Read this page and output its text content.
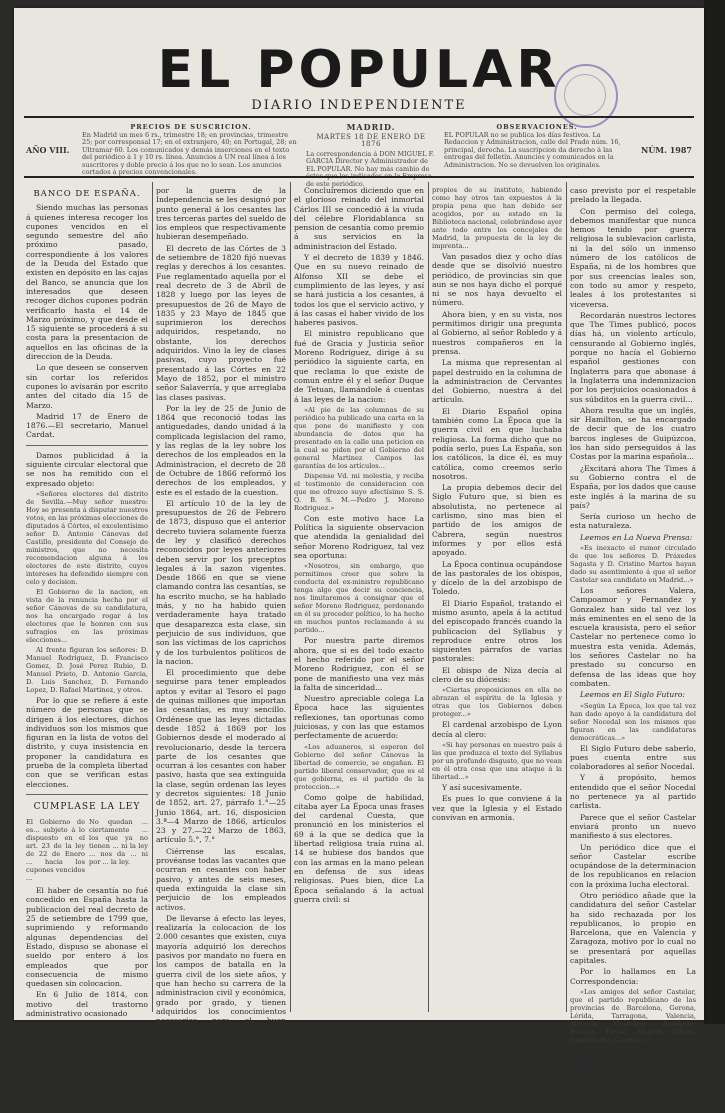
EL POPULAR
DIARIO INDEPENDIENTE
AÑO VIII.
PRECIOS DE SUSCRICION.
En Madrid un mes 6 rs., trimestre 18; en provincias, trimestre 25; por corresponsal 17; en el extranjero, 40; en Portugal, 28; en Ultramar 60. Los comunicados y demás inserciones en el texto del periódico á 1 y 10 rs. línea. Anuncios á UN real línea á los suscritores y doble precio á los que no lo sean. Los anuncios cortados á precios convencionales.
MADRID.
MARTES 18 DE ENERO DE 1876
La correspondencia á DON MIGUEL F. GARCIA Director y Administrador de EL POPULAR. No hay más cambio de de este periódico.
OBSERVACIONES.
EL POPULAR no se publica los días festivos. La Redaccion y Administracion, calle del Prado núm. 16, principal, derecha. La suscripcion da derecho á las entregas del folletín. Anuncios y comunicados en la Administracion. No se devuelven los originales.
NÚM. 1987
BANCO DE ESPAÑA.

Siendo muchas las personas á quienes interesa recoger los cupones vencidos en el segundo semestre del año próximo pasado, correspondiente á los valores de la Deuda del Estado que existen en depósito en las cajas del Banco, se anuncia que los interesados que deseen recoger dichos cupones podrán verificarlo hasta el 14 de Marzo próximo, y que desde el 15 siguiente se procederá á su costa para la presentacion de aquellos en las oficinas de la direccion de la Deuda.

Lo que deseen se conserven sin cortar los referidos cupones lo avisarán por escrito antes del citado día 15 de Marzo.

Madrid 17 de Enero de 1876.—El secretario, Manuel Cardat.

Damos publicidad á la siguiente circular electoral que se nos ha remitido con el expresado objeto:

«Señores electores del distrito de Sevilla.—Muy señor nuestro: Hoy se presenta á disputar nuestros votos, en las próximas elecciones de diputados á Córtes, el excelentísimo señor D. Antonio Cánovas del Castillo, presidente del Consejo de ministros, que no necesita recomendacion alguna á los electores de este distrito, cuyos intereses ha defendido siempre con celo y decision.

El Gobierno de la nacion, en vista de la renuncia hecha por el señor Cánovas de su candidatura, nos ha encargado rogar á los electores que le honren con sus sufragios en las próximas elecciones...

Al frente figuran los señores: D. Manuel Rodriguez, D. Francisco Gomez, D. José Perez Rubio, D. Manuel Prieto, D. Antonio Garcia, D. Luis Sanchez, D. Fernando Lopez, D. Rafael Martinez, y otros.

Por lo que se refiere á este número de personas que se dirigen á los electores, dichos individuos son los mismos que figuran en la lista de votos del distrito, y cuya insistencia en proponer la candidatura es prueba de la completa libertad con que se verifican estas elecciones.

CUMPLASE LA LEY
El Gobierno de es... subjeto á lo dispuesto en el art. 23 de la ley de 22 de Enero ... hacia los cupones vencidos ...
No quedan ... ciertamente ... los que ya no tienen ... ni la ley ... nos da ... ni por ... la ley.

El haber de cesantía no fué concedido en España hasta la publicacion del real decreto de 25 de setiembre de 1799 que, suprimiendo y reformando algunas dependencias del Estado, dispuso se abonase el sueldo por entero á los empleados que por consecuencia de mismo quedasen sin colocacion.

En 6 Julio de 1814, con motivo del trastorno administrativo ocasionado

por la guerra de la Independencia se les designó por punto general á los cesantes las tres terceras partes del sueldo de los empleos que respectivamente hubieran desempeñado.

El decreto de las Córtes de 3 de setiembre de 1820 fijó nuevas reglas y derechos á los cesantes. Fue reglamentado aquella por el real decreto de 3 de Abril de 1828 y luego por las leyes de presupuestos de 26 de Mayo de 1835 y 23 Mayo de 1845 que suprimieron los derechos adquiridos, respetando, no obstante, los derechos adquiridos. Vino la ley de clases pasivas, cuyo proyecto fué presentado á las Córtes en 22 Mayo de 1852, por el ministro señor Salaverría, y que arreglaba las clases pasivas.

Por la ley de 25 de Junio de 1864 que reconoció todas las antiguedades, dando unidad á la complicada legislacion del ramo, y las reglas de la ley sobre los derechos de los empleados en la Administracion, el decreto de 28 de Octubre de 1866 reformó los derechos de los empleados, y este es el estado de la cuestion.

El artículo 10 de la ley de presupuestos de 26 de Febrero de 1873, dispuso que el anterior decreto tuviera solamente fuerza de ley y clasificó derechos reconocidos por leyes anteriores deben servir por los preceptos legales á la sazon vigentes. Desde 1866 en que se viene clamando contra las cesantías, se ha escrito mucho, se ha hablado más, y no ha habido quien verdaderamente haya tratado que desaparezca esta clase, sin perjuicio de sus individuos, que son las víctimas de los caprichos y de los turbulentos políticos de la nacion.

El procedimiento que debe seguirse para tener empleados aptos y evitar al Tesoro el pago de quinas millones que importan las cesantías, es muy sencillo. Ordénese que las leyes dictadas desde 1852 á 1869 por los Gobiernos desde el moderado al revolucionario, desde la tercera parte de los cesantes que ocurran á los cesantes con haber pasivo, hasta que sea extinguida la clase, según ordenan las leyes y decretos siguientes: 18 Junio de 1852, art. 27, párrafo 1.°—25 Junio 1864, art. 16, disposicion 3.ª—4 Marzo de 1866, artículos 23 y 27.—22 Marzo de 1863, artículo 5.°, 7.°

Ciérrense las escalas, provéanse todas las vacantes que ocurran en cesantes con haber pasivo, y antes de seis meses, queda extinguida la clase sin perjuicio de los empleados activos.

De llevarse á efecto las leyes, realizaría la colocacion de los 2.000 cesantes que existen, cuya mayoría adquirió los derechos pasivos por mandato no fuera en los campos de batalla en la guerra civil de los siete años, y que han hecho su carrera de la administracion civil y económica, grado por grado, y tienen adquiridos los conocimientos necesarios para el buen desempeño del servicio público.

Concluiremos diciendo que en el glorioso reinado del inmortal Cárlos III se concedió á la viuda del célebre Floridablanca su pension de cesantía como premio á sus servicios en la administracion del Estado.

Y el decreto de 1839 y 1846. Que en su nuevo reinado de Alfonso XII se debe el cumplimiento de las leyes, y así se hará justicia a los cesantes, á todos los que el servicio activo, y á las casas el haber vivido de los haberes pasivos.

El ministro republicano que fué de Gracia y Justicia señor Moreno Rodriguez, dirige á su periódico la siguiente carta, en que reclama lo que existe de comun entre él y el señor Duque de Tetuan, llamándole á cuentas á las leyes de la nacion:

«Al pie de las columnas de su periódico ha publicado una carta en la que pone de manifiesto y con abundancia de datos que ha presentado en la calle una peticion en la cual se piden por el Gobierno del general Martinez Campos las garantías de los artículos...

Dispense Vd. mi molestia, y reciba el testimonio de consideracion con que me ofrezco suyo afectísimo S. S. Q. B. S. M.—Pedro J. Moreno Rodriguez.»

Con este motivo hace La Política la siguiente observacion que atendida la genialidad del señor Moreno Rodriguez, tal vez sea oportuna:

«Nosotros, sin embargo, que permitimos creer que sobre la conducta del ex-ministro republicano tenga algo que decir su conciencia, nos limitaremos á consignar que el señor Moreno Rodriguez, perdonando en él su proceder político, lo ha hecho en muchos puntos reclamando á su partido...

Por nuestra parte diremos ahora, que si es del todo exacto el hecho referido por el señor Moreno Rodriguez, con él se pone de manifiesto una vez más la falta de sinceridad...

Nuestro apreciable colega La Época hace las siguientes reflexiones, tan oportunas como juiciosas, y con las que estamos perfectamente de acuerdo:

«Los aduaneros, si esperan del Gobierno del señor Cánovas la libertad de comercio, se engañan. El partido liberal conservador, que es el que gobierna, es el partido de la proteccion...»

Como golpe de habilidad, citaba ayer La Época unas frases del cardenal Cuesta, que pronunció en los ministerios el 69 á la que se dedica que la libertad religiosa traía ruina al. 14 se hubiese dos bandos que con las armas en la mano pelean en defensa de sus ideas religiosas. Pues bien, dice La Época señalando á la actual guerra civil: si

propios de su instituto, habiendo como hay otros tan expuestos á la propia pena que han debido ser acogidos, por su estado en la Biblioteca nacional, celebrándose ayer ante todo entre los concejales de Madrid, la propuesta de la ley de imprenta...

Van pasados diez y ocho días desde que se disolvió nuestro periódico, de provincias sin que aun se nos haya dicho el porqué ni se nos haya devuelto el número.

Ahora bien, y en su vista, nos permitimos dirigir una pregunta al Gobierno, al señor Robledo y á nuestros compañeros en la prensa.

La misma que representan al papel destruido en la columna de la administracion de Cervantes del Gobierno, nuestra á del artículo.

El Diario Español opina también como La Época que la guerra civil en que luchaba religiosa. La forma dicho que no podía serlo, pues La España, son los católicos, la dice él, es muy católica, como creemos serlo nosotros.

La propia debemos decir del Siglo Futuro que, si bien es absolutista, no pertenece al carlismo, sino mas bien el partido de los amigos de Cabrera, según nuestros informes y por ellos está apoyado.

La Época continua ocupándose de las pastorales de los obispos, y dícelo de la del arzobispo de Toledo.

El Diario Español, tratando el mismo asunto, apela á la actitud del episcopado francés cuando la publicacion del Syllabus y reproduce entre otros los siguientes párrafos de varias pastorales:

El obispo de Niza decía al clero de su diócesis:

«Ciertas proposiciones en ella no abrazan el espíritu de la Iglesia y otras que los Gobiernos deben proteger...»

El cardenal arzobispo de Lyon decía al clero:

«Si hay personas en nuestro país á las que produzca el texto del Syllabus por un profundo disgusto, que no vean en él otra cosa que una ataque á la libertad...»

Y así sucesivamente.

Es pues lo que conviene á la vez que la Iglesia y el Estado convivan en armonía.

caso previsto por el respetable prelado la llegada.

Con permiso del colega, debemos manifestar que nunca hemos tenido por guerra religiosa la sublevacion carlista, ni la del sólo un inmenso número de los católicos de España, ni de los hombres que por sus creencias leales son, con todo su amor y respeto, leales á los protestantes si viceversa.

Recordarán nuestros lectores que The Times publicó, pocos días há, un violento artículo, censurando al Gobierno inglés, porque no hacía el Gobierno español gestiones con Inglaterra para que abonase á la Inglaterra una indemnizacion por los perjuicios ocasionados á sus súbditos en la guerra civil...

Ahora resulta que un inglés, sir Hamilton, se ha encargado de decir que de los cuatro barcos ingleses de Guipúzcoa, los han sido perseguidos á las Costas por la marina española...

¿Excitará ahora The Times á su Gobierno contra el de España, por los dados que cause este inglés á la marina de su país?

Sería curioso un hecho de esta naturaleza.

Leemos en La Nueva Prensa:

«Es inexacto el rumor circulado de que los señores D. Práxedes Sagasta y D. Cristino Martos hayan dado su asentimiento á que el señor Castelar sea candidato en Madrid...»

Los señores Valera, Campoamor y Fernandez y Gonzalez han sido tal vez los más eminentes en el seno de la escuela krausista, pero el señor Castelar no pertenece como lo muestra esta venida. Además, los señores Castelar no ha prestado su concurso en defensa de las ideas que hoy combaten.

Leemos en El Siglo Futuro:

«Según La Época, los que tal vez han dado apoyo á la candidatura del señor Nocedal son los mismos que figuran en las candidaturas democráticas...»

El Siglo Futuro debe saberlo, pues cuenta entre sus colaboradores al señor Nocedal.

Y á propósito, hemos entendido que el señor Nocedal no pertenece ya al partido carlista.

Parece que el señor Castelar enviará pronto un nuevo manifiesto á sus electores.

Un periódico dice que el señor Castelar escribe ocupándose de la determinacion de los republicanos en relacion con la próxima lucha electoral.

Otro periódico añade que la candidatura del señor Castelar ha sido rechazada por los republicanos, lo propio en Barcelona, que en Valencia y Zaragoza, motivo por lo cual no se presentará por aquellas capitales.

Por lo hallamos en La Correspondencia:

«Los amigos del señor Castelar, que el partido republicano de las provincias de Barcelona, Gerona, Lérida, Tarragona, Valencia, Alicante, Castellón, Zaragoza, Huesca, Teruel, Madrid, Toledo, Guadalajara, Cuenca...»

Por el pronto, no todos estos individuos son amigos del señor Castelar, como por ejemplo el señor Tutau.

Y hasta de Castelar y sus amigos, que la dan ahora por exhibirse.
